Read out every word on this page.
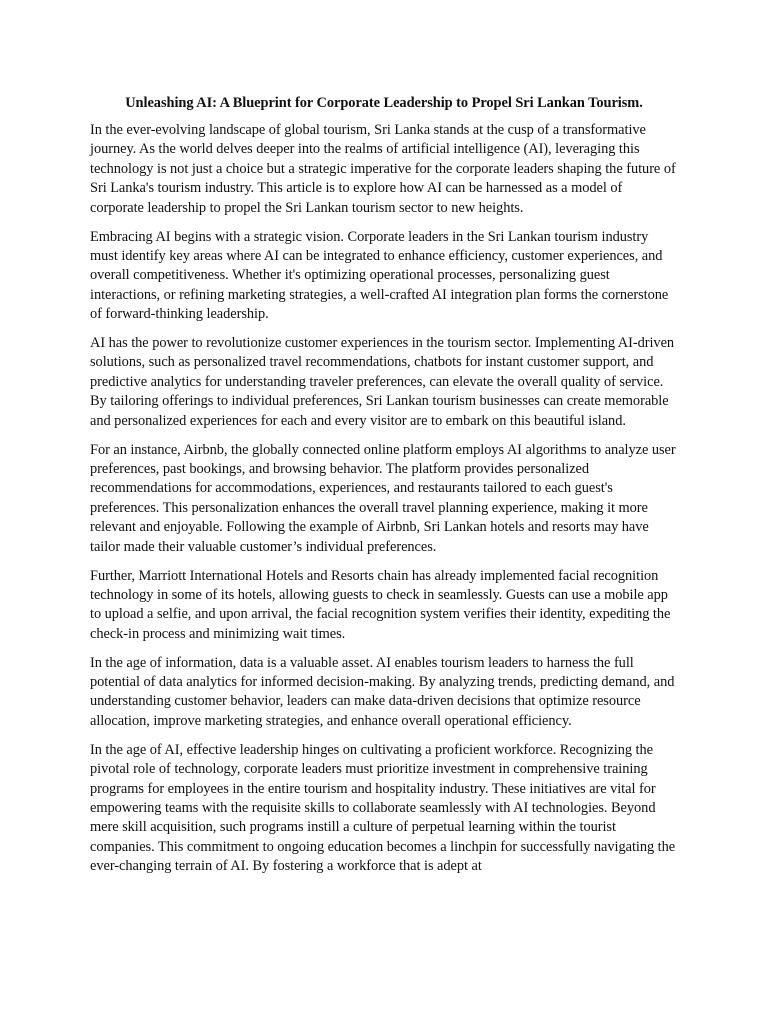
Unleashing AI: A Blueprint for Corporate Leadership to Propel Sri Lankan Tourism.

In the ever-evolving landscape of global tourism, Sri Lanka stands at the cusp of a transformative journey. As the world delves deeper into the realms of artificial intelligence (AI), leveraging this technology is not just a choice but a strategic imperative for the corporate leaders shaping the future of Sri Lanka's tourism industry. This article is to explore how AI can be harnessed as a model of corporate leadership to propel the Sri Lankan tourism sector to new heights.

Embracing AI begins with a strategic vision. Corporate leaders in the Sri Lankan tourism industry must identify key areas where AI can be integrated to enhance efficiency, customer experiences, and overall competitiveness. Whether it's optimizing operational processes, personalizing guest interactions, or refining marketing strategies, a well-crafted AI integration plan forms the cornerstone of forward-thinking leadership.

AI has the power to revolutionize customer experiences in the tourism sector. Implementing AI-driven solutions, such as personalized travel recommendations, chatbots for instant customer support, and predictive analytics for understanding traveler preferences, can elevate the overall quality of service. By tailoring offerings to individual preferences, Sri Lankan tourism businesses can create memorable and personalized experiences for each and every visitor are to embark on this beautiful island.

For an instance, Airbnb, the globally connected online platform employs AI algorithms to analyze user preferences, past bookings, and browsing behavior. The platform provides personalized recommendations for accommodations, experiences, and restaurants tailored to each guest's preferences. This personalization enhances the overall travel planning experience, making it more relevant and enjoyable. Following the example of Airbnb, Sri Lankan hotels and resorts may have tailor made their valuable customer’s individual preferences.

Further, Marriott International Hotels and Resorts chain has already implemented facial recognition technology in some of its hotels, allowing guests to check in seamlessly. Guests can use a mobile app to upload a selfie, and upon arrival, the facial recognition system verifies their identity, expediting the check-in process and minimizing wait times.

In the age of information, data is a valuable asset. AI enables tourism leaders to harness the full potential of data analytics for informed decision-making. By analyzing trends, predicting demand, and understanding customer behavior, leaders can make data-driven decisions that optimize resource allocation, improve marketing strategies, and enhance overall operational efficiency.

In the age of AI, effective leadership hinges on cultivating a proficient workforce. Recognizing the pivotal role of technology, corporate leaders must prioritize investment in comprehensive training programs for employees in the entire tourism and hospitality industry. These initiatives are vital for empowering teams with the requisite skills to collaborate seamlessly with AI technologies. Beyond mere skill acquisition, such programs instill a culture of perpetual learning within the tourist companies. This commitment to ongoing education becomes a linchpin for successfully navigating the ever-changing terrain of AI. By fostering a workforce that is adept at
